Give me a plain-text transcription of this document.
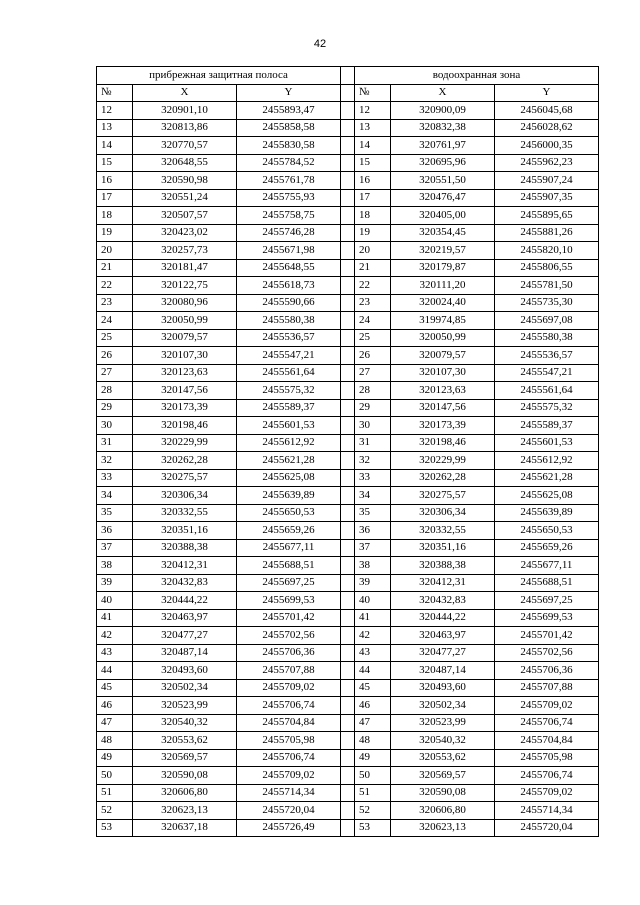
42
прибрежная защитная полоса				водоохранная зона		
№	X	Y		№	X	Y
12	320901,10	2455893,47		12	320900,09	2456045,68
13	320813,86	2455858,58		13	320832,38	2456028,62
14	320770,57	2455830,58		14	320761,97	2456000,35
15	320648,55	2455784,52		15	320695,96	2455962,23
16	320590,98	2455761,78		16	320551,50	2455907,24
17	320551,24	2455755,93		17	320476,47	2455907,35
18	320507,57	2455758,75		18	320405,00	2455895,65
19	320423,02	2455746,28		19	320354,45	2455881,26
20	320257,73	2455671,98		20	320219,57	2455820,10
21	320181,47	2455648,55		21	320179,87	2455806,55
22	320122,75	2455618,73		22	320111,20	2455781,50
23	320080,96	2455590,66		23	320024,40	2455735,30
24	320050,99	2455580,38		24	319974,85	2455697,08
25	320079,57	2455536,57		25	320050,99	2455580,38
26	320107,30	2455547,21		26	320079,57	2455536,57
27	320123,63	2455561,64		27	320107,30	2455547,21
28	320147,56	2455575,32		28	320123,63	2455561,64
29	320173,39	2455589,37		29	320147,56	2455575,32
30	320198,46	2455601,53		30	320173,39	2455589,37
31	320229,99	2455612,92		31	320198,46	2455601,53
32	320262,28	2455621,28		32	320229,99	2455612,92
33	320275,57	2455625,08		33	320262,28	2455621,28
34	320306,34	2455639,89		34	320275,57	2455625,08
35	320332,55	2455650,53		35	320306,34	2455639,89
36	320351,16	2455659,26		36	320332,55	2455650,53
37	320388,38	2455677,11		37	320351,16	2455659,26
38	320412,31	2455688,51		38	320388,38	2455677,11
39	320432,83	2455697,25		39	320412,31	2455688,51
40	320444,22	2455699,53		40	320432,83	2455697,25
41	320463,97	2455701,42		41	320444,22	2455699,53
42	320477,27	2455702,56		42	320463,97	2455701,42
43	320487,14	2455706,36		43	320477,27	2455702,56
44	320493,60	2455707,88		44	320487,14	2455706,36
45	320502,34	2455709,02		45	320493,60	2455707,88
46	320523,99	2455706,74		46	320502,34	2455709,02
47	320540,32	2455704,84		47	320523,99	2455706,74
48	320553,62	2455705,98		48	320540,32	2455704,84
49	320569,57	2455706,74		49	320553,62	2455705,98
50	320590,08	2455709,02		50	320569,57	2455706,74
51	320606,80	2455714,34		51	320590,08	2455709,02
52	320623,13	2455720,04		52	320606,80	2455714,34
53	320637,18	2455726,49		53	320623,13	2455720,04
